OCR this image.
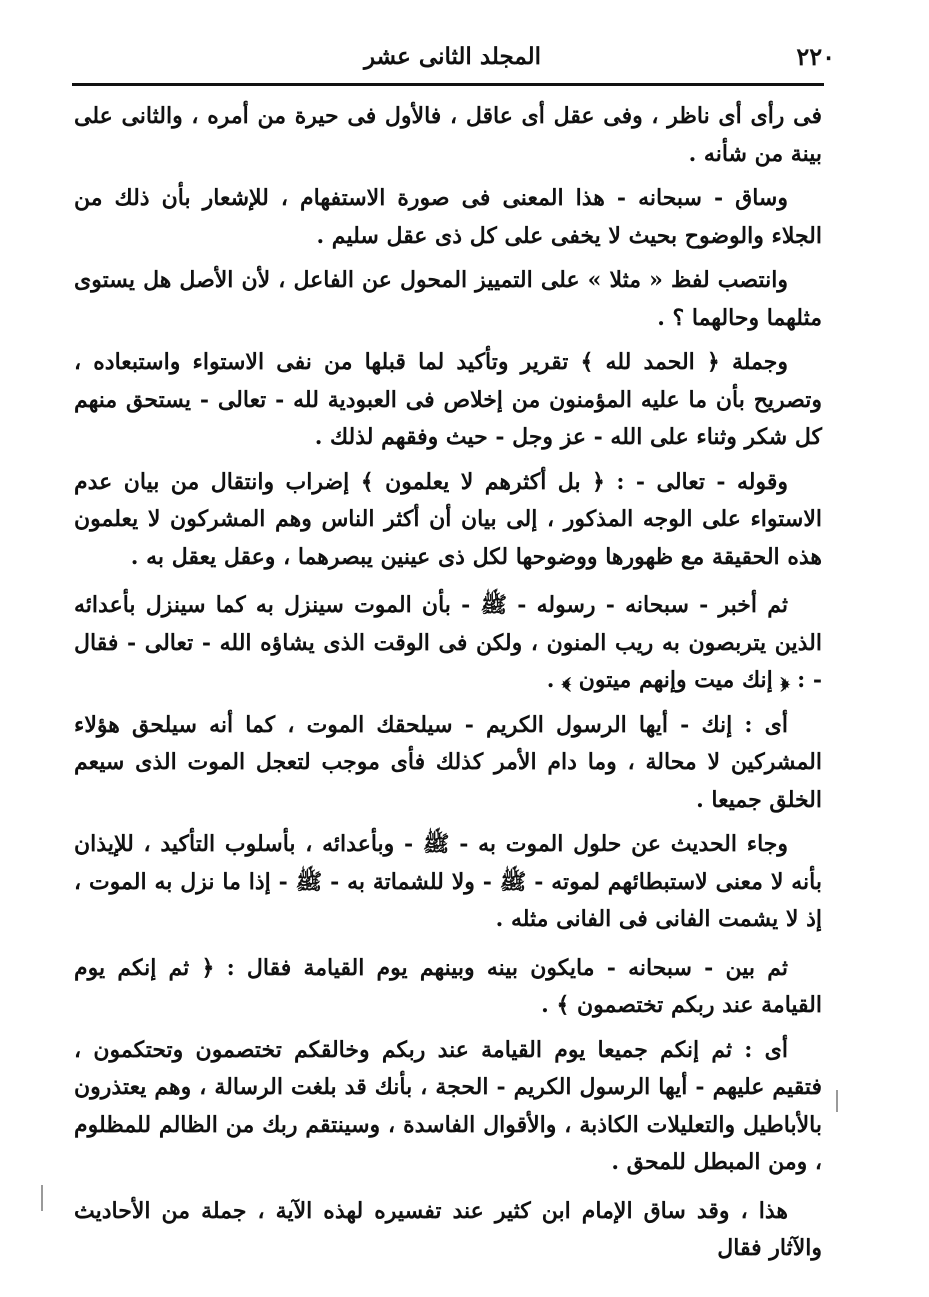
٢٢٠
المجلد الثانى عشر

فى رأى أى ناظر ، وفى عقل أى عاقل ، فالأول فى حيرة من أمره ، والثانى على بينة من شأنه .

وساق - سبحانه - هذا المعنى فى صورة الاستفهام ، للإشعار بأن ذلك من الجلاء والوضوح بحيث لا يخفى على كل ذى عقل سليم .

وانتصب لفظ « مثلا » على التمييز المحول عن الفاعل ، لأن الأصل هل يستوى مثلهما وحالهما ؟ .

وجملة ﴿ الحمد لله ﴾ تقرير وتأكيد لما قبلها من نفى الاستواء واستبعاده ، وتصريح بأن ما عليه المؤمنون من إخلاص فى العبودية لله - تعالى - يستحق منهم كل شكر وثناء على الله - عز وجل - حيث وفقهم لذلك .

وقوله - تعالى - : ﴿ بل أكثرهم لا يعلمون ﴾ إضراب وانتقال من بيان عدم الاستواء على الوجه المذكور ، إلى بيان أن أكثر الناس وهم المشركون لا يعلمون هذه الحقيقة مع ظهورها ووضوحها لكل ذى عينين يبصرهما ، وعقل يعقل به .

ثم أخبر - سبحانه - رسوله - ﷺ - بأن الموت سينزل به كما سينزل بأعدائه الذين يتربصون به ريب المنون ، ولكن فى الوقت الذى يشاؤه الله - تعالى - فقال - : ﴿ إنك ميت وإنهم ميتون ﴾ .

أى : إنك - أيها الرسول الكريم - سيلحقك الموت ، كما أنه سيلحق هؤلاء المشركين لا محالة ، وما دام الأمر كذلك فأى موجب لتعجل الموت الذى سيعم الخلق جميعا .

وجاء الحديث عن حلول الموت به - ﷺ - وبأعدائه ، بأسلوب التأكيد ، للإيذان بأنه لا معنى لاستبطائهم لموته - ﷺ - ولا للشماتة به - ﷺ - إذا ما نزل به الموت ، إذ لا يشمت الفانى فى الفانى مثله .

ثم بين - سبحانه - مايكون بينه وبينهم يوم القيامة فقال : ﴿ ثم إنكم يوم القيامة عند ربكم تختصمون ﴾ .

أى : ثم إنكم جميعا يوم القيامة عند ربكم وخالقكم تختصمون وتحتكمون ، فتقيم عليهم - أيها الرسول الكريم - الحجة ، بأنك قد بلغت الرسالة ، وهم يعتذرون بالأباطيل والتعليلات الكاذبة ، والأقوال الفاسدة ، وسينتقم ربك من الظالم للمظلوم ، ومن المبطل للمحق .

هذا ، وقد ساق الإمام ابن كثير عند تفسيره لهذه الآية ، جملة من الأحاديث والآثار فقال
